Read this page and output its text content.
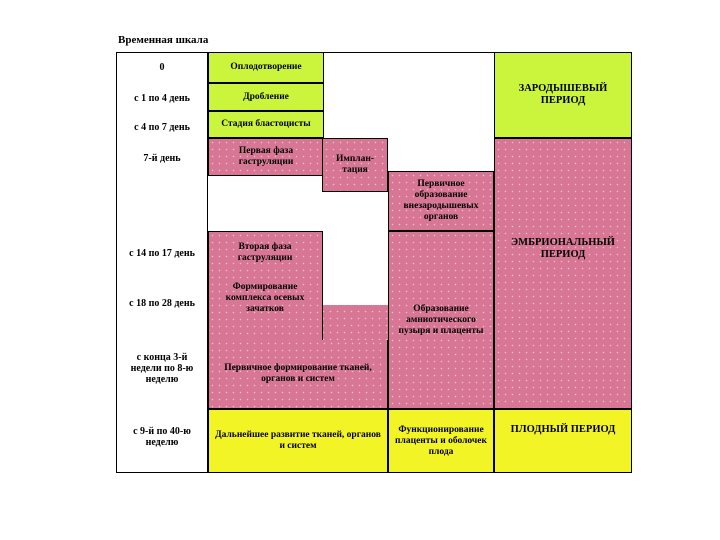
Временная шкала
0
с 1 по 4 день
с 4 по 7 день
7-й день
с 14 по 17 день
с 18 по 28 день
с конца 3-й недели по 8-ю неделю
с 9-й по 40-ю неделю
Оплодотворение
Дробление
Стадия бластоцисты
Первая фаза гаструляции	Имплан-тация
Первичное образование внезародышевых органов
Вторая фаза гаструляции
Формирование комплекса осевых зачатков
Первичное формирование тканей, органов и систем
Образование амниотического пузыря и плаценты
Дальнейшее развитие тканей, органов и систем
Функционирование плаценты и оболочек плода
ЗАРОДЫШЕВЫЙ ПЕРИОД
ЭМБРИОНАЛЬНЫЙ ПЕРИОД
ПЛОДНЫЙ ПЕРИОД
